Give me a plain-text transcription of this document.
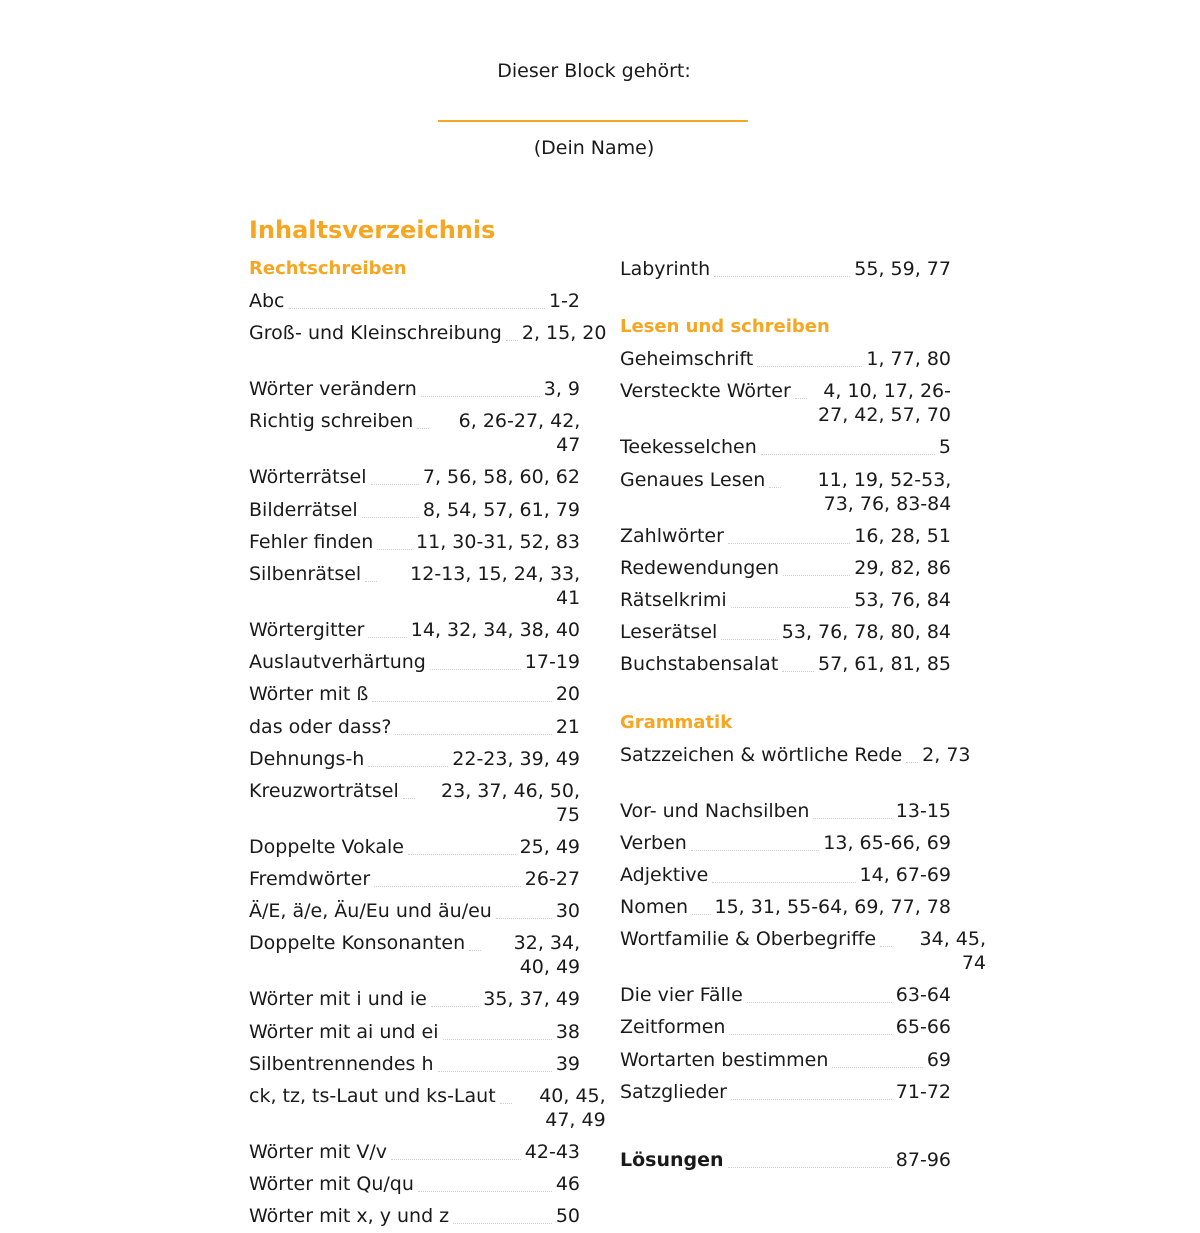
Dieser Block gehört:
(Dein Name)
Inhaltsverzeichnis
Rechtschreiben
Abc	1-2
Groß- und Kleinschreibung 2, 15, 20
Wörter verändern	3, 9
Richtig schreiben	6, 26-27, 42, 47
Wörterrätsel	7, 56, 58, 60, 62
Bilderrätsel	8, 54, 57, 61, 79
Fehler finden 11, 30-31, 52, 83
Silbenrätsel	12-13, 15, 24, 33, 41
Wörtergitter 14, 32, 34, 38, 40
Auslautverhärtung	17-19
Wörter mit ß	20
das oder dass?	21
Dehnungs-h	22-23, 39, 49
Kreuzworträtsel	23, 37, 46, 50, 75
Doppelte Vokale	25, 49
Fremdwörter	26-27
Ä/E, ä/e, Äu/Eu und äu/eu	30
Doppelte Konsonanten	32, 34, 40, 49
Wörter mit i und ie	35, 37, 49
Wörter mit ai und ei	38
Silbentrennendes h	39
ck, tz, ts-Laut und ks-Laut	40, 45, 47, 49
Wörter mit V/v	42-43
Wörter mit Qu/qu	46
Wörter mit x, y und z	50
Labyrinth	55, 59, 77
Lesen und schreiben
Geheimschrift	1, 77, 80
Versteckte Wörter	4, 10, 17, 26-27, 42, 57, 70
Teekesselchen	5
Genaues Lesen	11, 19, 52-53, 73, 76, 83-84
Zahlwörter	16, 28, 51
Redewendungen	29, 82, 86
Rätselkrimi	53, 76, 84
Leserätsel	53, 76, 78, 80, 84
Buchstabensalat 57, 61, 81, 85
Grammatik
Satzzeichen & wörtliche Rede 2, 73
Vor- und Nachsilben	13-15
Verben	13, 65-66, 69
Adjektive	14, 67-69
Nomen 15, 31, 55-64, 69, 77, 78
Wortfamilie & Oberbegriffe	34, 45, 74
Die vier Fälle	63-64
Zeitformen	65-66
Wortarten bestimmen	69
Satzglieder	71-72
Lösungen	87-96
